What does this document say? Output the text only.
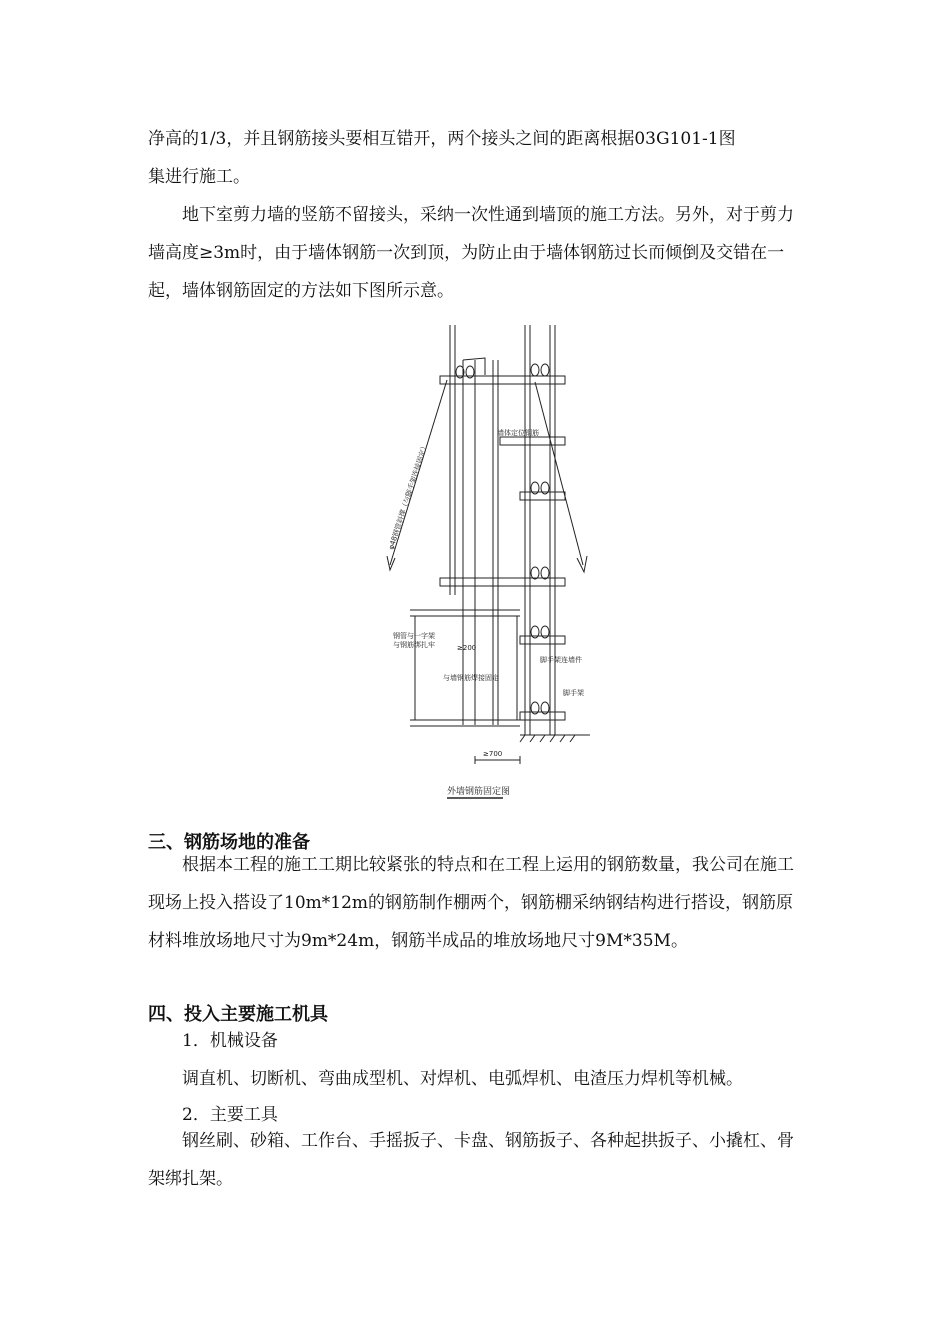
净高的1/3，并且钢筋接头要相互错开，两个接头之间的距离根据03G101-1图

集进行施工。

地下室剪力墙的竖筋不留接头，采纳一次性通到墙顶的施工方法。另外，对于剪力墙高度≥3m时，由于墙体钢筋一次到顶，为防止由于墙体钢筋过长而倾倒及交错在一起，墙体钢筋固定的方法如下图所示意。

墙体定位钢筋
φ48钢管斜撑（与脚手架连接固定）
钢管与一字架
与钢筋绑扎牢	≥200
与墙钢筋焊接固定
脚手架连墙件
脚手架
≥700
外墙钢筋固定图
三、钢筋场地的准备

根据本工程的施工工期比较紧张的特点和在工程上运用的钢筋数量，我公司在施工现场上投入搭设了10m*12m的钢筋制作棚两个，钢筋棚采纳钢结构进行搭设，钢筋原材料堆放场地尺寸为9m*24m，钢筋半成品的堆放场地尺寸9M*35M。

四、投入主要施工机具

1．机械设备

调直机、切断机、弯曲成型机、对焊机、电弧焊机、电渣压力焊机等机械。

2．主要工具

钢丝刷、砂箱、工作台、手摇扳子、卡盘、钢筋扳子、各种起拱扳子、小撬杠、骨架绑扎架。
